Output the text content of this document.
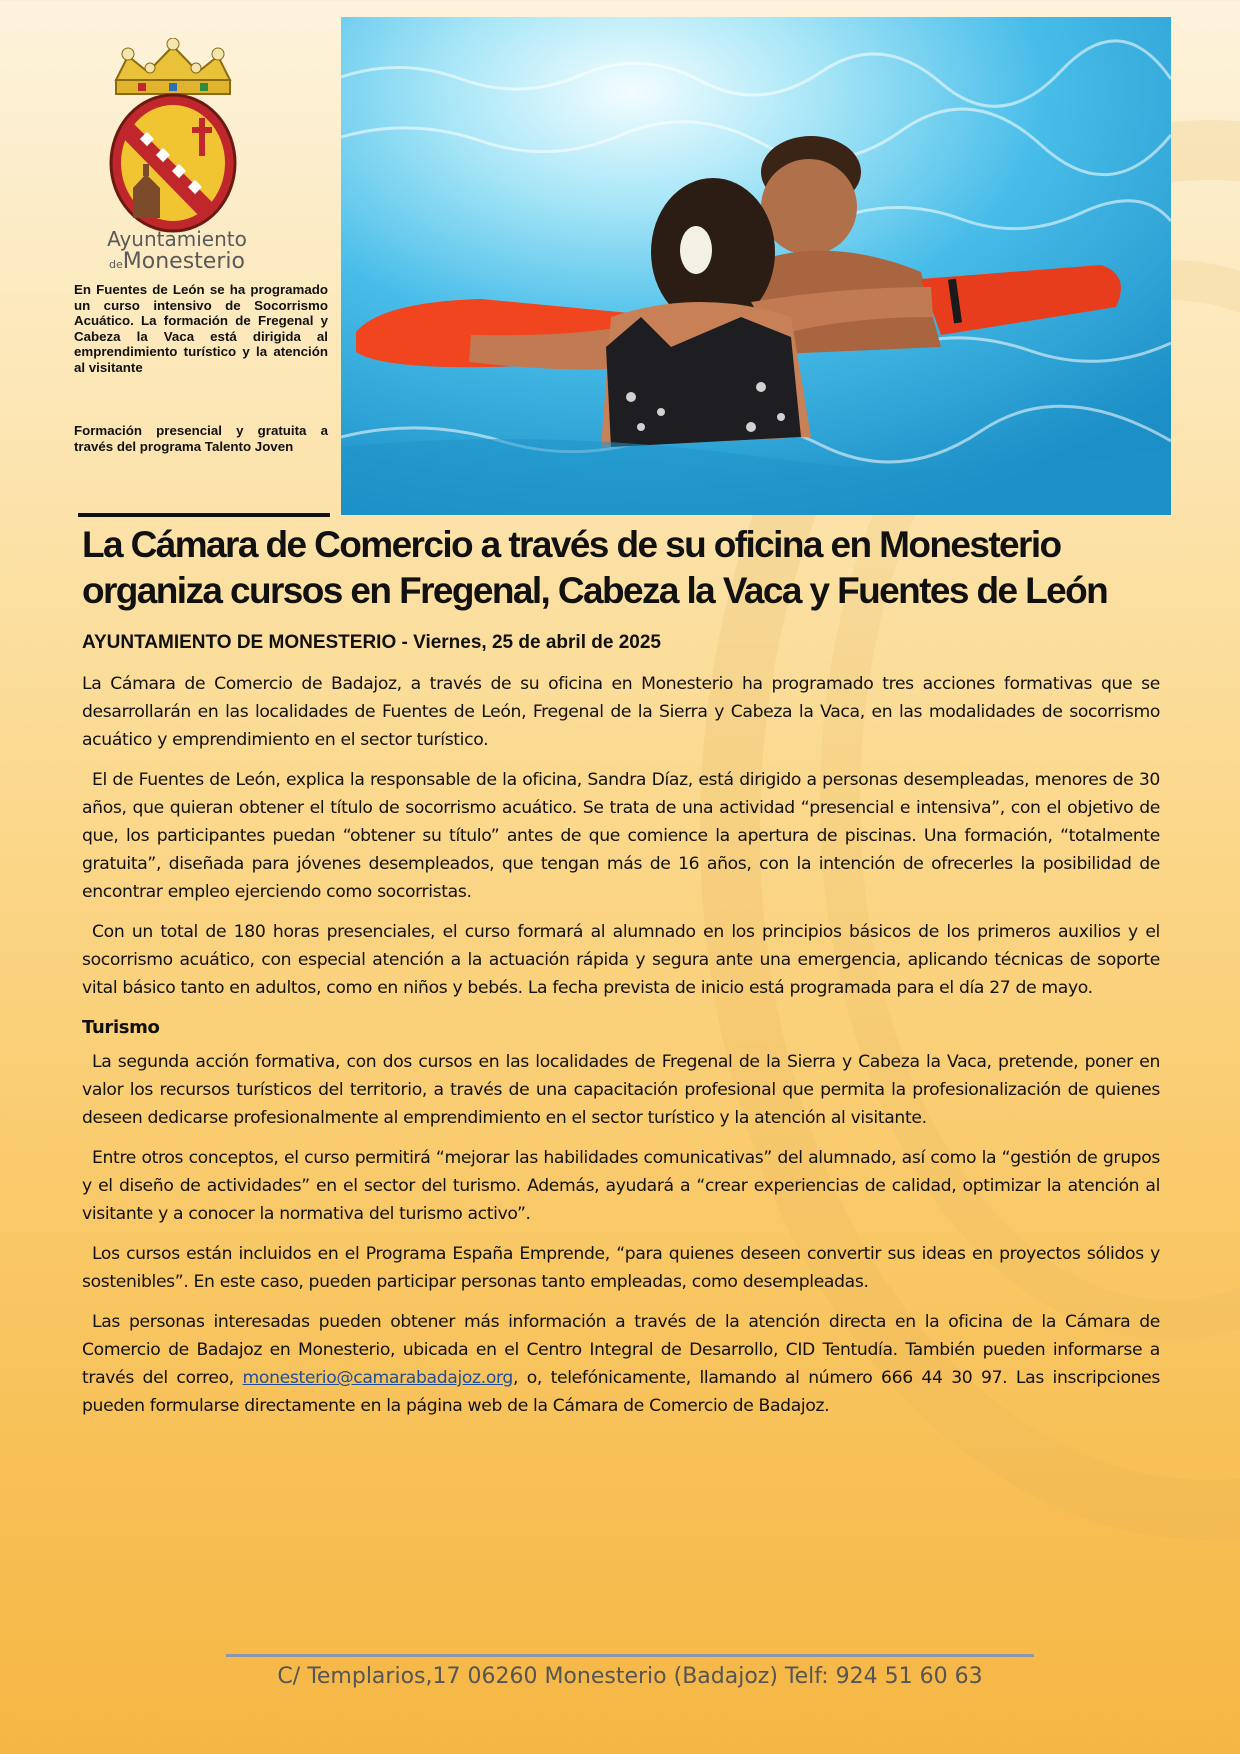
Ayuntamiento
deMonesterio

En Fuentes de León se ha programado un curso intensivo de Socorrismo Acuático. La formación de Fregenal y Cabeza la Vaca está dirigida al emprendimiento turístico y la atención al visitante

Formación presencial y gratuita a través del programa Talento Joven

La Cámara de Comercio a través de su oficina en Monesterio organiza cursos en Fregenal, Cabeza la Vaca y Fuentes de León

AYUNTAMIENTO DE MONESTERIO - Viernes, 25 de abril de 2025

La Cámara de Comercio de Badajoz, a través de su oficina en Monesterio ha programado tres acciones formativas que se desarrollarán en las localidades de Fuentes de León, Fregenal de la Sierra y Cabeza la Vaca, en las modalidades de socorrismo acuático y emprendimiento en el sector turístico.

El de Fuentes de León, explica la responsable de la oficina, Sandra Díaz, está dirigido a personas desempleadas, menores de 30 años, que quieran obtener el título de socorrismo acuático. Se trata de una actividad “presencial e intensiva”, con el objetivo de que, los participantes puedan “obtener su título” antes de que comience la apertura de piscinas. Una formación, “totalmente gratuita”, diseñada para jóvenes desempleados, que tengan más de 16 años, con la intención de ofrecerles la posibilidad de encontrar empleo ejerciendo como socorristas.

Con un total de 180 horas presenciales, el curso formará al alumnado en los principios básicos de los primeros auxilios y el socorrismo acuático, con especial atención a la actuación rápida y segura ante una emergencia, aplicando técnicas de soporte vital básico tanto en adultos, como en niños y bebés. La fecha prevista de inicio está programada para el día 27 de mayo.

Turismo

La segunda acción formativa, con dos cursos en las localidades de Fregenal de la Sierra y Cabeza la Vaca, pretende, poner en valor los recursos turísticos del territorio, a través de una capacitación profesional que permita la profesionalización de quienes deseen dedicarse profesionalmente al emprendimiento en el sector turístico y la atención al visitante.

Entre otros conceptos, el curso permitirá “mejorar las habilidades comunicativas” del alumnado, así como la “gestión de grupos y el diseño de actividades” en el sector del turismo. Además, ayudará a “crear experiencias de calidad, optimizar la atención al visitante y a conocer la normativa del turismo activo”.

Los cursos están incluidos en el Programa España Emprende, “para quienes deseen convertir sus ideas en proyectos sólidos y sostenibles”. En este caso, pueden participar personas tanto empleadas, como desempleadas.

Las personas interesadas pueden obtener más información a través de la atención directa en la oficina de la Cámara de Comercio de Badajoz en Monesterio, ubicada en el Centro Integral de Desarrollo, CID Tentudía. También pueden informarse a través del correo, monesterio@camarabadajoz.org, o, telefónicamente, llamando al número 666 44 30 97. Las inscripciones pueden formularse directamente en la página web de la Cámara de Comercio de Badajoz.

C/ Templarios,17 06260 Monesterio (Badajoz) Telf: 924 51 60 63
